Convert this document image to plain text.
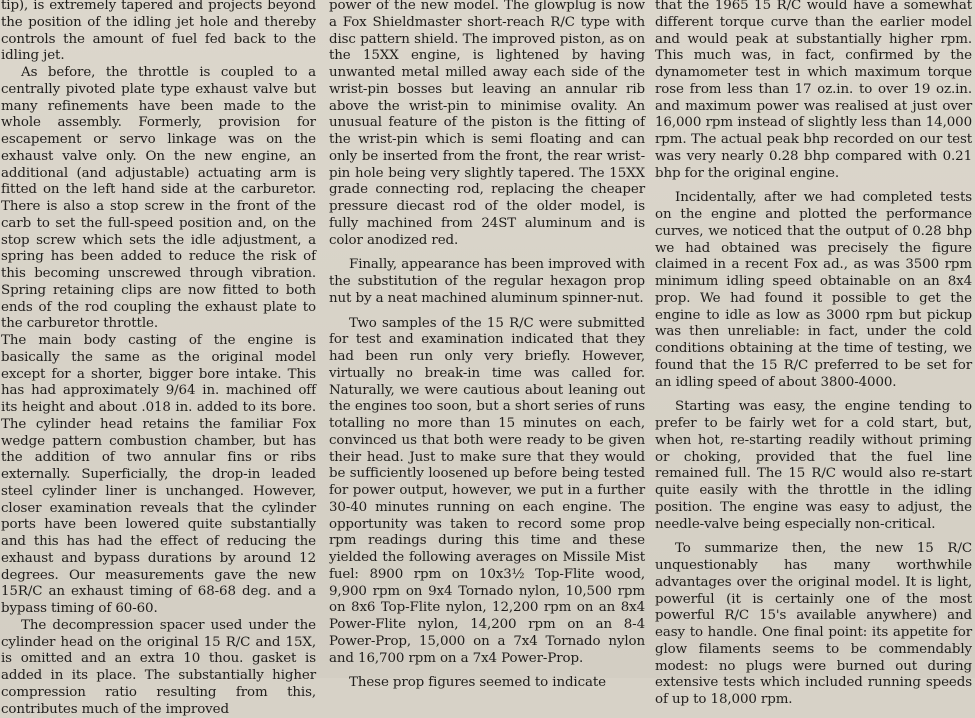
tip), is extremely tapered and projects beyond the position of the idling jet hole and thereby controls the amount of fuel fed back to the idling jet.

As before, the throttle is coupled to a centrally pivoted plate type exhaust valve but many refinements have been made to the whole assembly. Formerly, provision for escapement or servo linkage was on the exhaust valve only. On the new engine, an additional (and adjustable) actuating arm is fitted on the left hand side at the carburetor. There is also a stop screw in the front of the carb to set the full-speed position and, on the stop screw which sets the idle adjustment, a spring has been added to reduce the risk of this becoming unscrewed through vibration. Spring retaining clips are now fitted to both ends of the rod coupling the exhaust plate to the carburetor throttle.

The main body casting of the engine is basically the same as the original model except for a shorter, bigger bore intake. This has had approximately 9/64 in. machined off its height and about .018 in. added to its bore. The cylinder head retains the familiar Fox wedge pattern combustion chamber, but has the addition of two annular fins or ribs externally. Superficially, the drop-in leaded steel cylinder liner is unchanged. However, closer examination reveals that the cylinder ports have been lowered quite substantially and this has had the effect of reducing the exhaust and bypass durations by around 12 degrees. Our measurements gave the new 15R/C an exhaust timing of 68-68 deg. and a bypass timing of 60-60.

The decompression spacer used under the cylinder head on the original 15 R/C and 15X, is omitted and an extra 10 thou. gasket is added in its place. The substantially higher compression ratio resulting from this, contributes much of the improved

power of the new model. The glowplug is now a Fox Shieldmaster short-reach R/C type with disc pattern shield. The improved piston, as on the 15XX engine, is lightened by having unwanted metal milled away each side of the wrist-pin bosses but leaving an annular rib above the wrist-pin to minimise ovality. An unusual feature of the piston is the fitting of the wrist-pin which is semi floating and can only be inserted from the front, the rear wrist-pin hole being very slightly tapered. The 15XX grade connecting rod, replacing the cheaper pressure diecast rod of the older model, is fully machined from 24ST aluminum and is color anodized red.

Finally, appearance has been improved with the substitution of the regular hexagon prop nut by a neat machined aluminum spinner-nut.

Two samples of the 15 R/C were submitted for test and examination indicated that they had been run only very briefly. However, virtually no break-in time was called for. Naturally, we were cautious about leaning out the engines too soon, but a short series of runs totalling no more than 15 minutes on each, convinced us that both were ready to be given their head. Just to make sure that they would be sufficiently loosened up before being tested for power output, however, we put in a further 30-40 minutes running on each engine. The opportunity was taken to record some prop rpm readings during this time and these yielded the following averages on Missile Mist fuel: 8900 rpm on 10x3½ Top-Flite wood, 9,900 rpm on 9x4 Tornado nylon, 10,500 rpm on 8x6 Top-Flite nylon, 12,200 rpm on an 8x4 Power-Flite nylon, 14,200 rpm on an 8-4 Power-Prop, 15,000 on a 7x4 Tornado nylon and 16,700 rpm on a 7x4 Power-Prop.

These prop figures seemed to indicate

that the 1965 15 R/C would have a somewhat different torque curve than the earlier model and would peak at substantially higher rpm. This much was, in fact, confirmed by the dynamometer test in which maximum torque rose from less than 17 oz.in. to over 19 oz.in. and maximum power was realised at just over 16,000 rpm instead of slightly less than 14,000 rpm. The actual peak bhp recorded on our test was very nearly 0.28 bhp compared with 0.21 bhp for the original engine.

Incidentally, after we had completed tests on the engine and plotted the performance curves, we noticed that the output of 0.28 bhp we had obtained was precisely the figure claimed in a recent Fox ad., as was 3500 rpm minimum idling speed obtainable on an 8x4 prop. We had found it possible to get the engine to idle as low as 3000 rpm but pickup was then unreliable: in fact, under the cold conditions obtaining at the time of testing, we found that the 15 R/C preferred to be set for an idling speed of about 3800-4000.

Starting was easy, the engine tending to prefer to be fairly wet for a cold start, but, when hot, re-starting readily without priming or choking, provided that the fuel line remained full. The 15 R/C would also re-start quite easily with the throttle in the idling position. The engine was easy to adjust, the needle-valve being especially non-critical.

To summarize then, the new 15 R/C unquestionably has many worthwhile advantages over the original model. It is light, powerful (it is certainly one of the most powerful R/C 15's available anywhere) and easy to handle. One final point: its appetite for glow filaments seems to be commendably modest: no plugs were burned out during extensive tests which included running speeds of up to 18,000 rpm.
